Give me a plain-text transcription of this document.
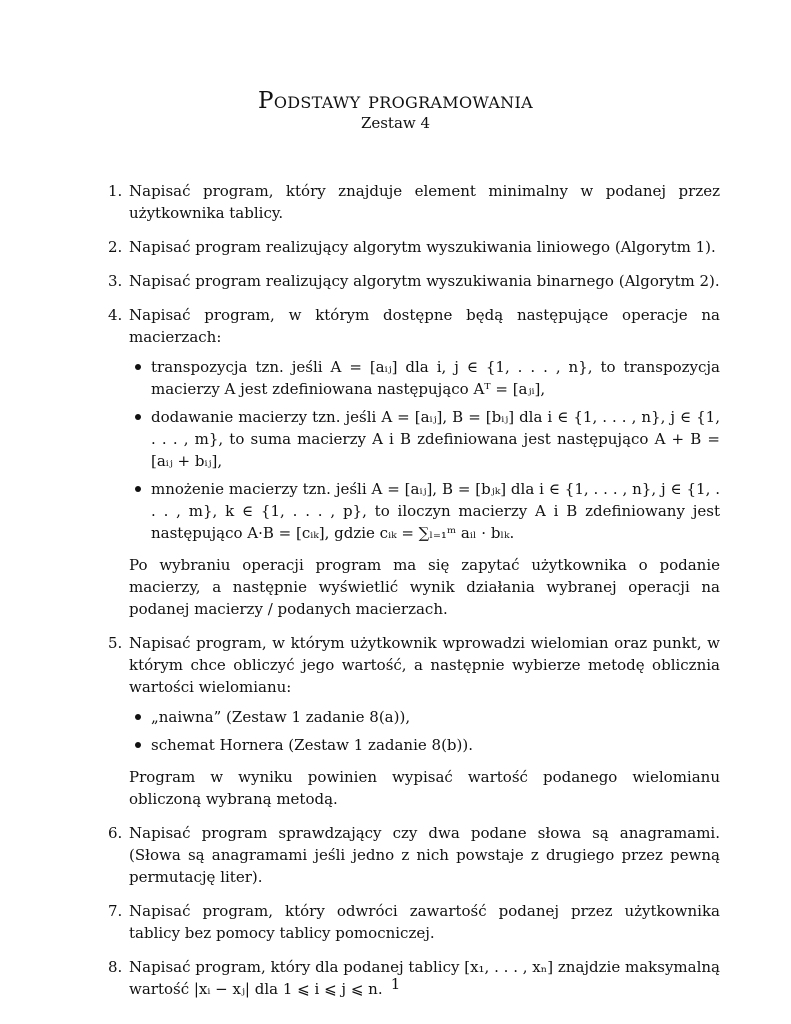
Podstawy programowania
Zestaw 4
1. Napisać program, który znajduje element minimalny w podanej przez użytkownika tablicy.
2. Napisać program realizujący algorytm wyszukiwania liniowego (Algorytm 1).
3. Napisać program realizujący algorytm wyszukiwania binarnego (Algorytm 2).
4. Napisać program, w którym dostępne będą następujące operacje na macierzach:
transpozycja tzn. jeśli A = [aᵢⱼ] dla i, j ∈ {1, . . . , n}, to transpozycja macierzy A jest zdefiniowana następująco Aᵀ = [aⱼᵢ],
dodawanie macierzy tzn. jeśli A = [aᵢⱼ], B = [bᵢⱼ] dla i ∈ {1, . . . , n}, j ∈ {1, . . . , m}, to suma macierzy A i B zdefiniowana jest następująco A + B = [aᵢⱼ + bᵢⱼ],
mnożenie macierzy tzn. jeśli A = [aᵢⱼ], B = [bⱼₖ] dla i ∈ {1, . . . , n}, j ∈ {1, . . . , m}, k ∈ {1, . . . , p}, to iloczyn macierzy A i B zdefiniowany jest następująco A·B = [cᵢₖ], gdzie cᵢₖ = ∑ₗ₌₁ᵐ aᵢₗ · bₗₖ.
Po wybraniu operacji program ma się zapytać użytkownika o podanie macierzy, a następnie wyświetlić wynik działania wybranej operacji na podanej macierzy / podanych macierzach.
5. Napisać program, w którym użytkownik wprowadzi wielomian oraz punkt, w którym chce obliczyć jego wartość, a następnie wybierze metodę oblicznia wartości wielomianu:
„naiwna” (Zestaw 1 zadanie 8(a)),
schemat Hornera (Zestaw 1 zadanie 8(b)).
Program w wyniku powinien wypisać wartość podanego wielomianu obliczoną wybraną metodą.
6. Napisać program sprawdzający czy dwa podane słowa są anagramami. (Słowa są anagramami jeśli jedno z nich powstaje z drugiego przez pewną permutację liter).
7. Napisać program, który odwróci zawartość podanej przez użytkownika tablicy bez pomocy tablicy pomocniczej.
8. Napisać program, który dla podanej tablicy [x₁, . . . , xₙ] znajdzie maksymalną wartość |xᵢ − xⱼ| dla 1 ⩽ i ⩽ j ⩽ n. 1
